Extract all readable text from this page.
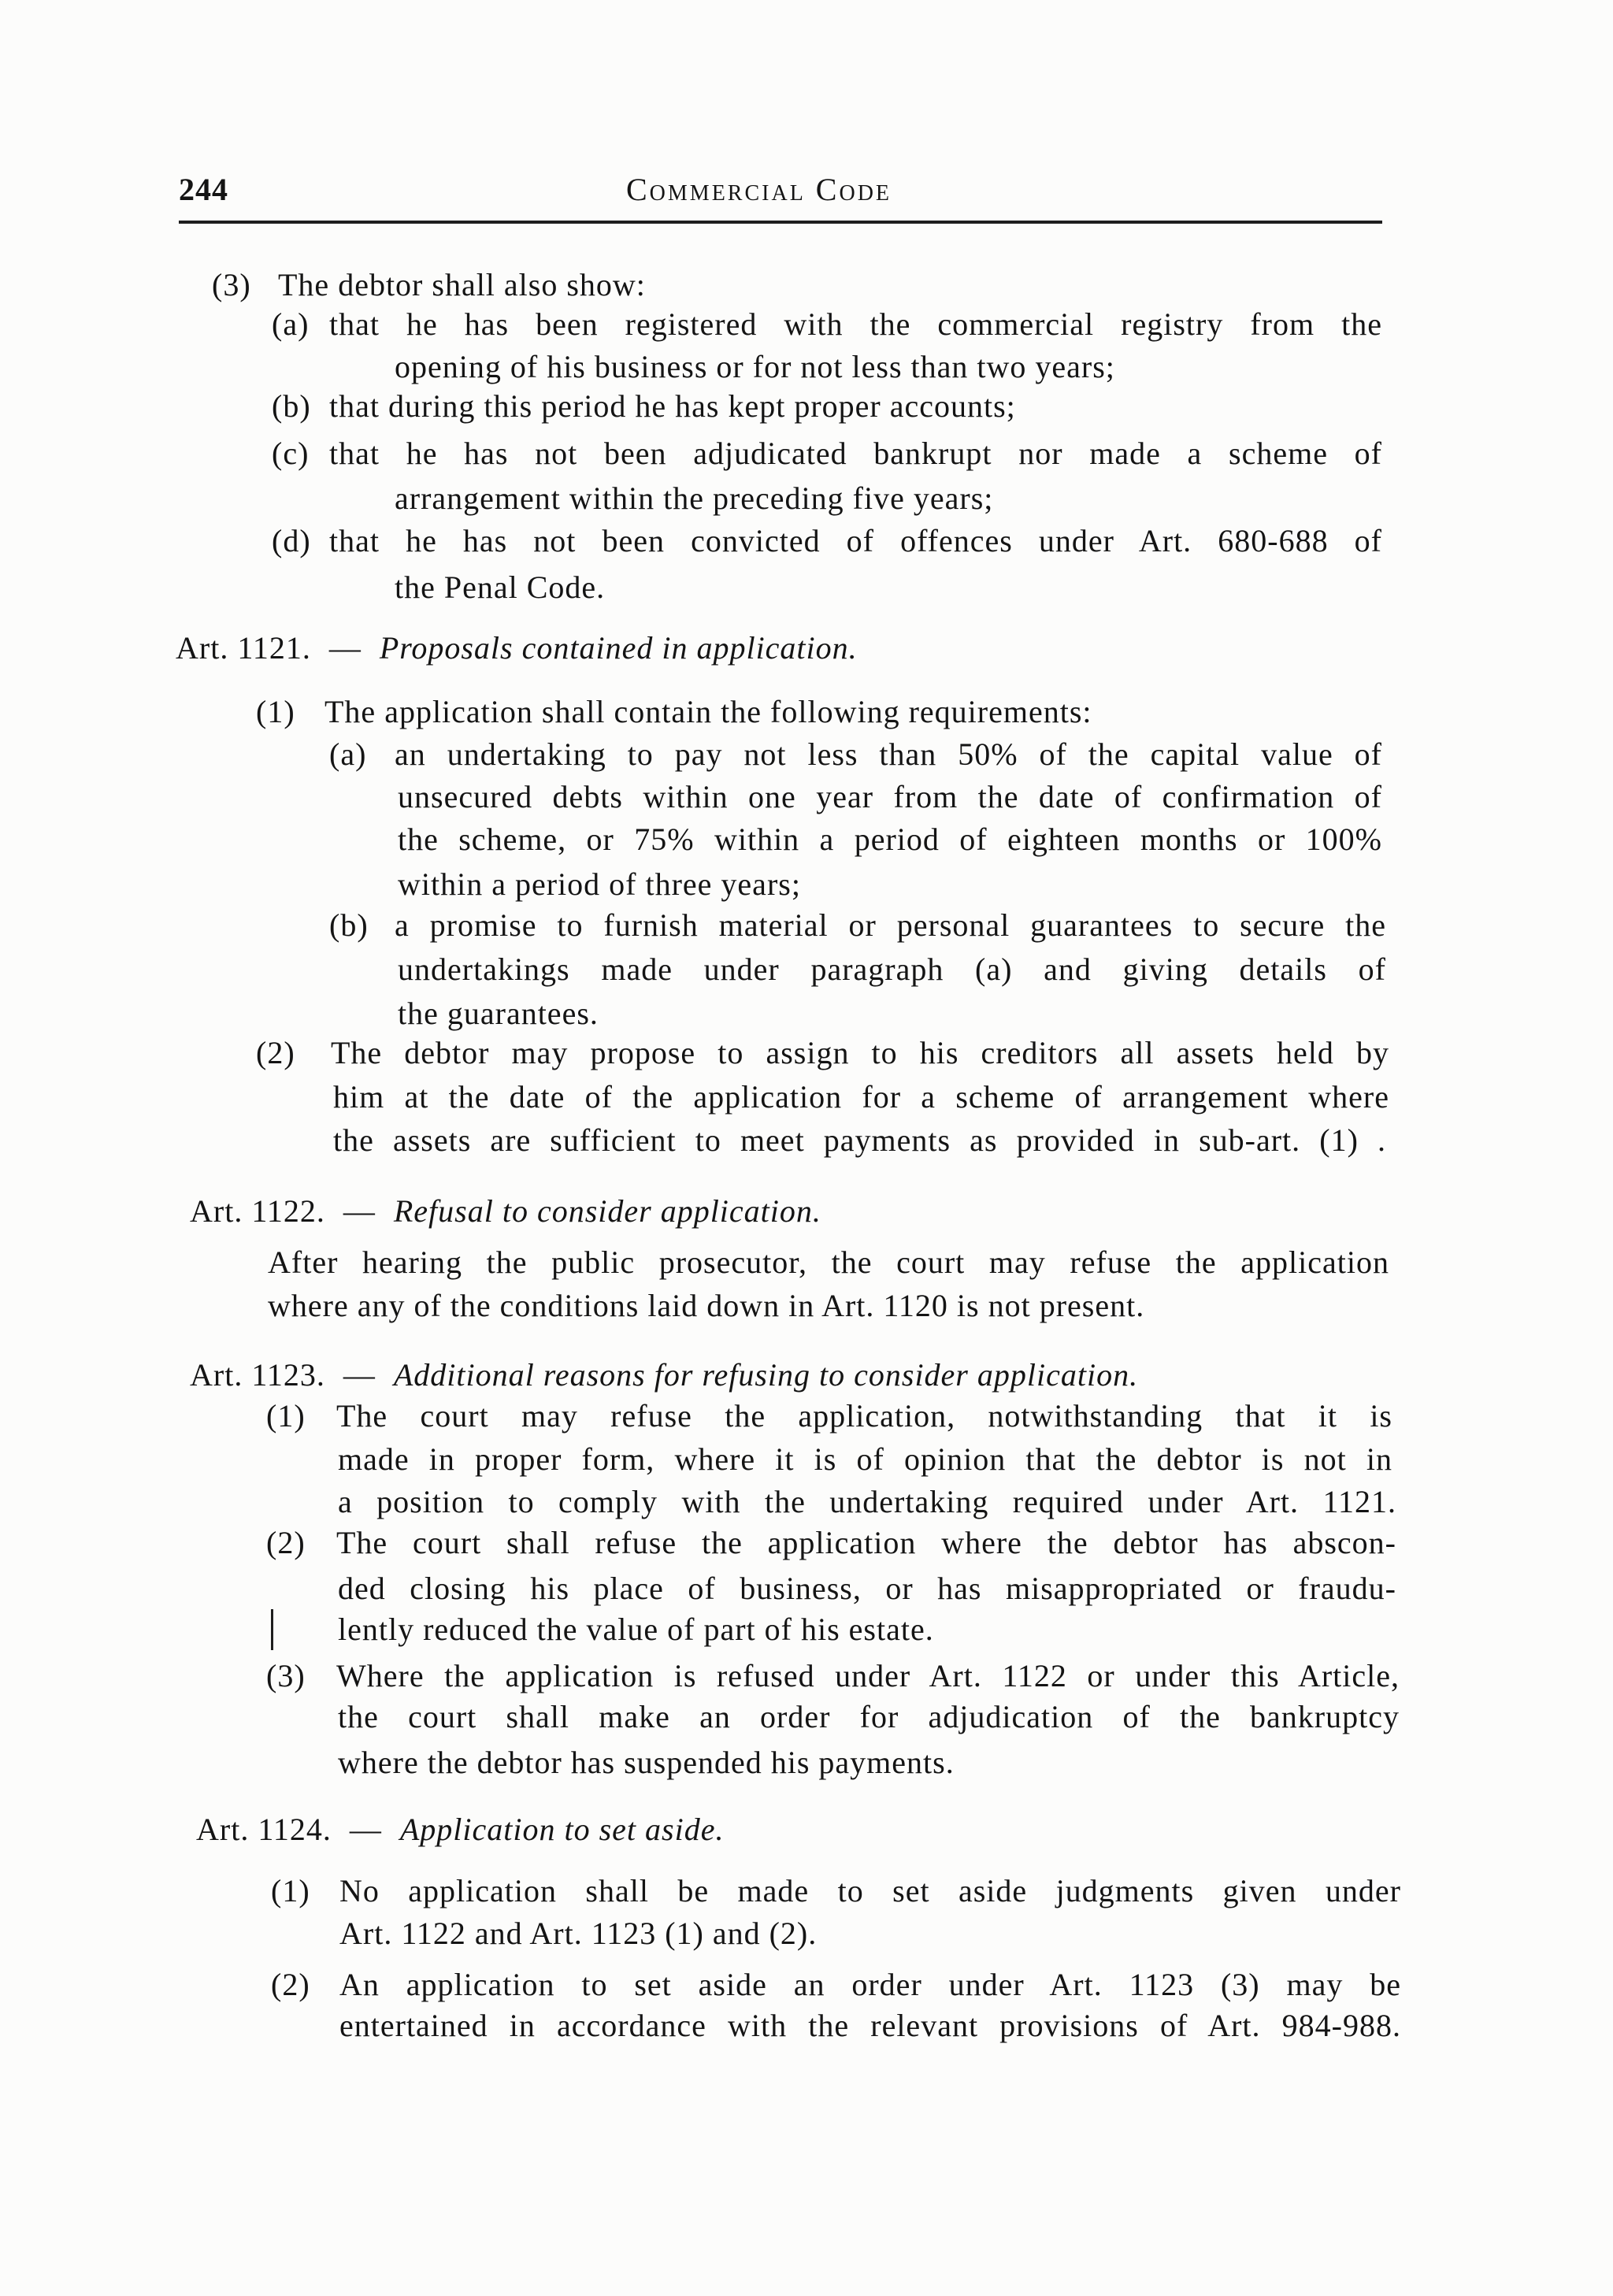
244	Commercial Code
(3) The debtor shall also show:
(a) that he has been registered with the commercial registry from the
opening of his business or for not less than two years;
(b) that during this period he has kept proper accounts;
(c) that he has not been adjudicated bankrupt nor made a scheme of
arrangement within the preceding five years;
(d) that he has not been convicted of offences under Art. 680-688 of
the Penal Code.
Art. 1121. — Proposals contained in application.
(1) The application shall contain the following requirements:
(a) an undertaking to pay not less than 50% of the capital value of
unsecured debts within one year from the date of confirmation of
the scheme, or 75% within a period of eighteen months or 100%
within a period of three years;
(b) a promise to furnish material or personal guarantees to secure the
undertakings made under paragraph (a) and giving details of
the guarantees.
(2) The debtor may propose to assign to his creditors all assets held by
him at the date of the application for a scheme of arrangement where
the assets are sufficient to meet payments as provided in sub-art. (1) .
Art. 1122. — Refusal to consider application.
After hearing the public prosecutor, the court may refuse the application
where any of the conditions laid down in Art. 1120 is not present.
Art. 1123. — Additional reasons for refusing to consider application.
(1) The court may refuse the application, notwithstanding that it is
made in proper form, where it is of opinion that the debtor is not in
a position to comply with the undertaking required under Art. 1121.
(2) The court shall refuse the application where the debtor has abscon-
ded closing his place of business, or has misappropriated or fraudu-
lently reduced the value of part of his estate.
(3) Where the application is refused under Art. 1122 or under this Article,
the court shall make an order for adjudication of the bankruptcy
where the debtor has suspended his payments.
Art. 1124. — Application to set aside.
(1) No application shall be made to set aside judgments given under
Art. 1122 and Art. 1123 (1) and (2).
(2) An application to set aside an order under Art. 1123 (3) may be
entertained in accordance with the relevant provisions of Art. 984-988.
